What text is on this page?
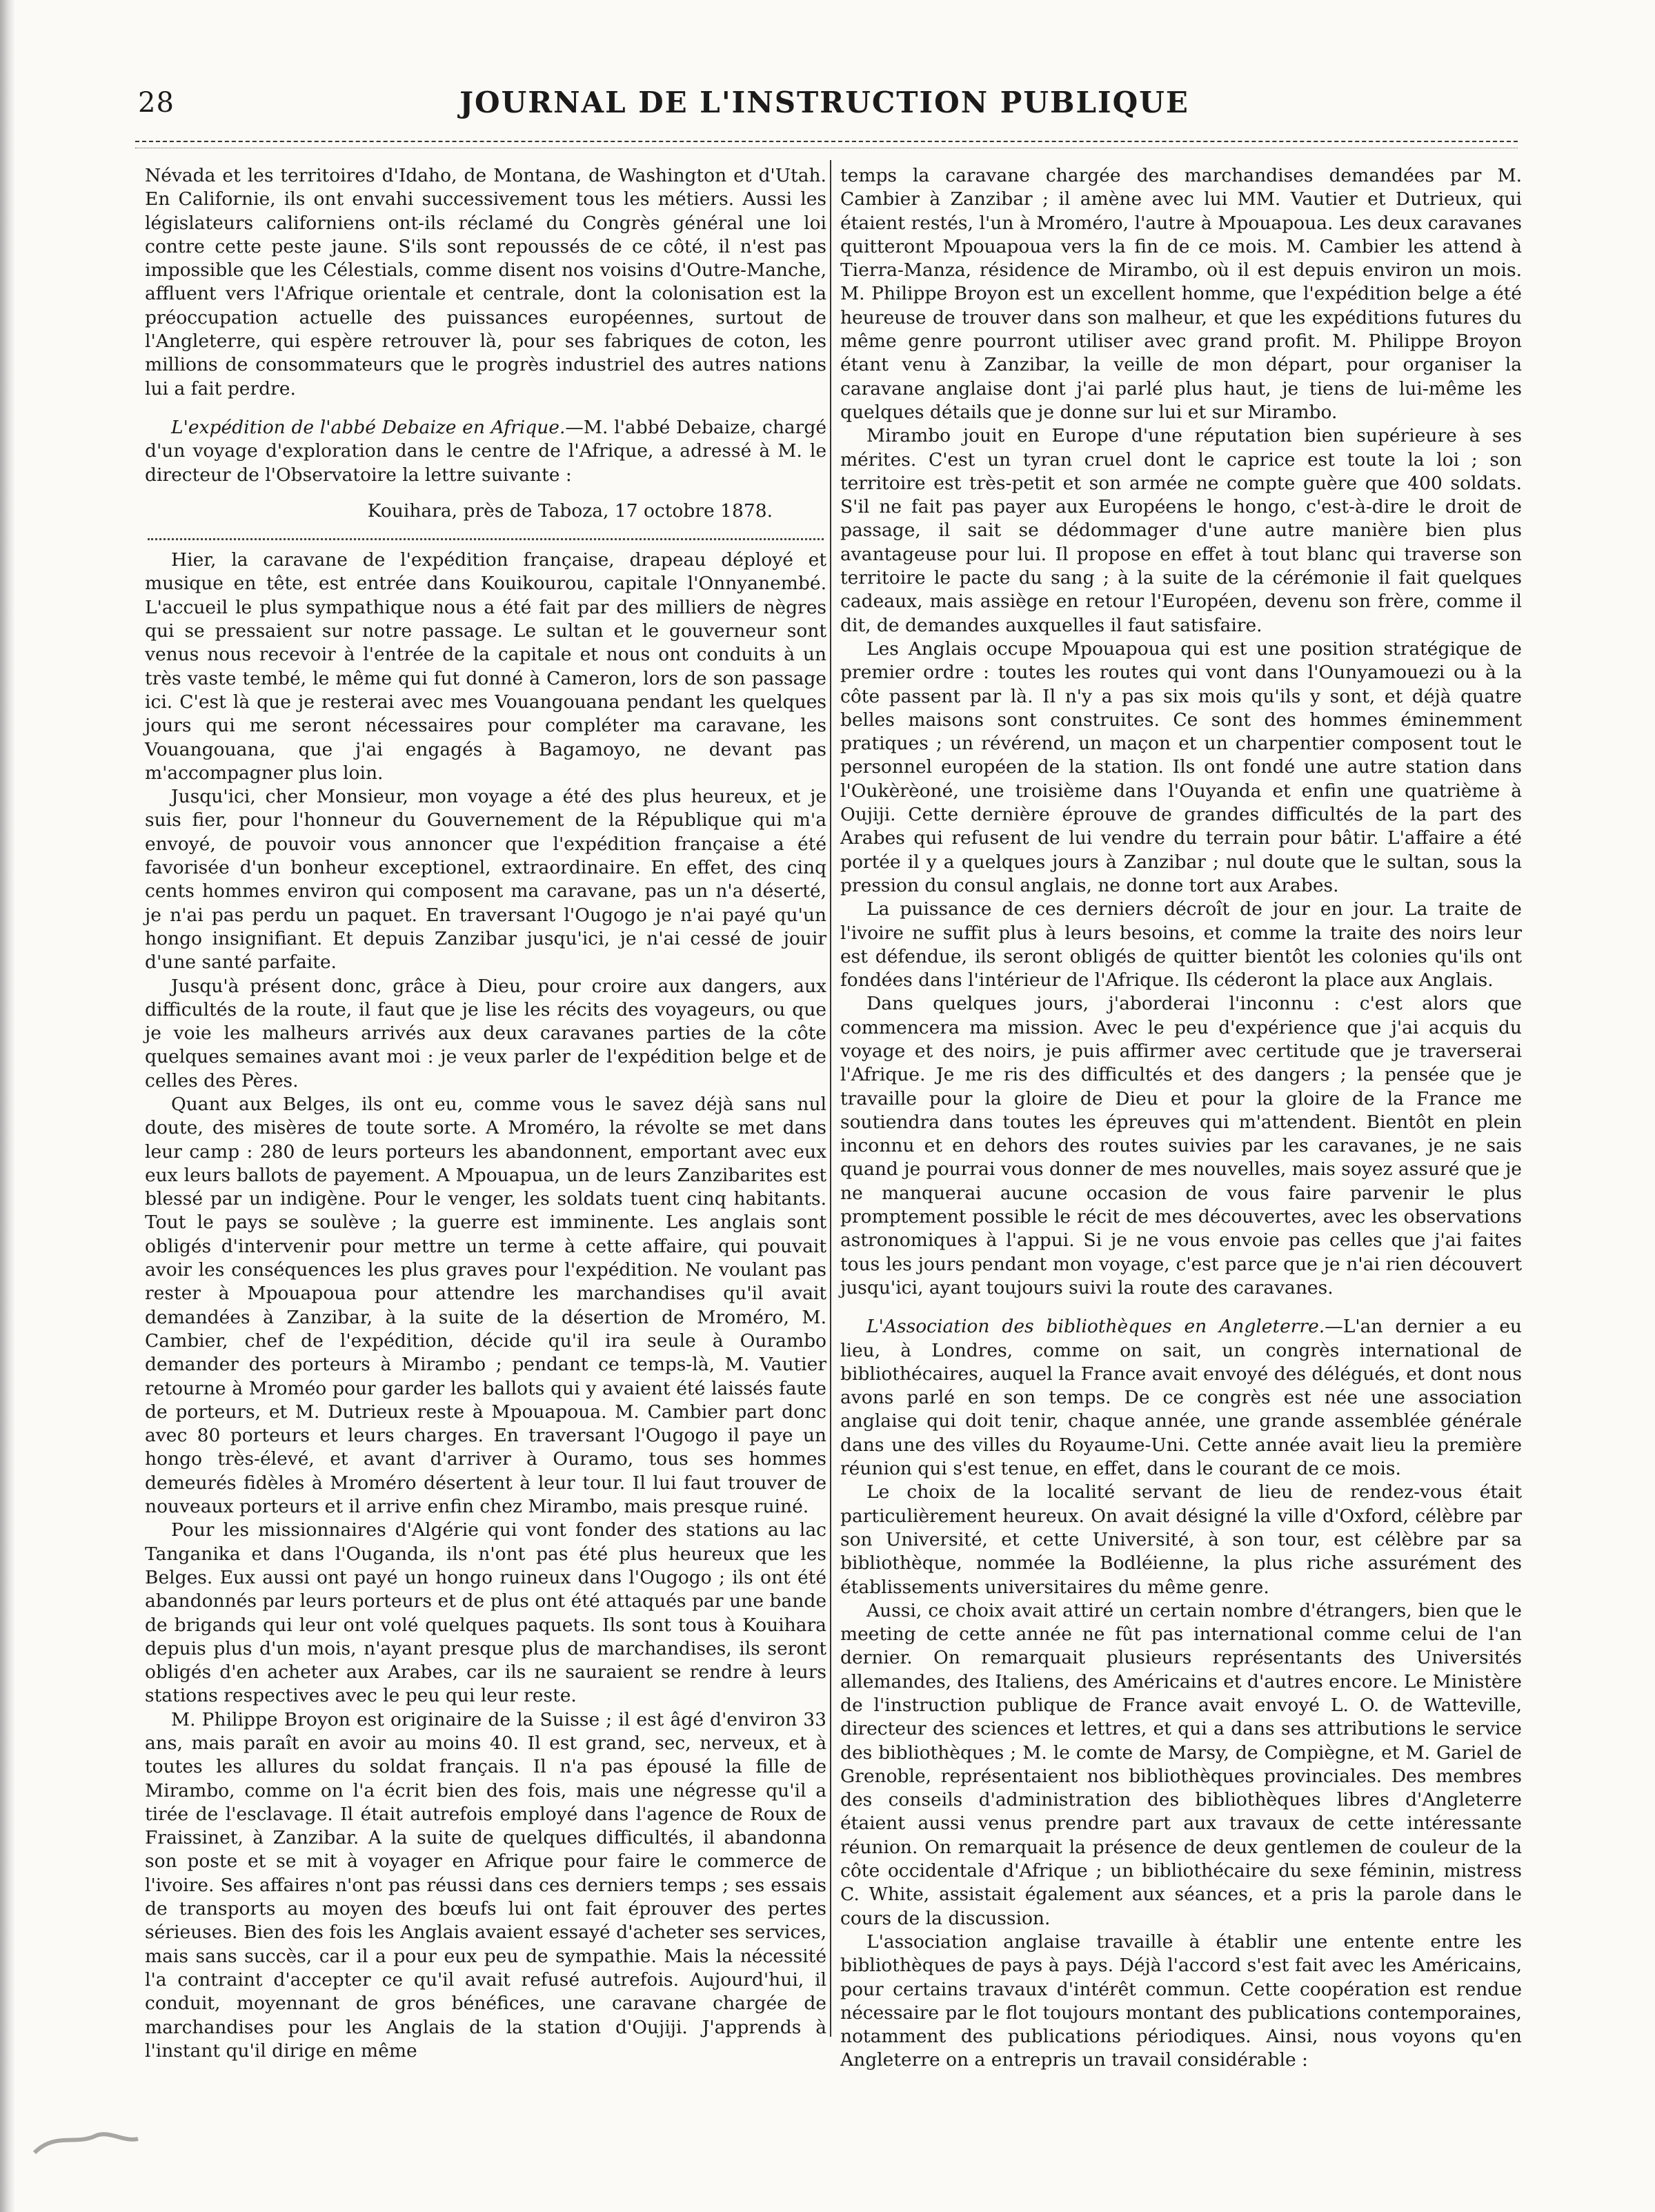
28	JOURNAL DE L'INSTRUCTION PUBLIQUE

Névada et les territoires d'Idaho, de Montana, de Washington et d'Utah. En Californie, ils ont envahi successivement tous les métiers. Aussi les législateurs californiens ont-ils réclamé du Congrès général une loi contre cette peste jaune. S'ils sont repoussés de ce côté, il n'est pas impossible que les Célestials, comme disent nos voisins d'Outre-Manche, affluent vers l'Afrique orientale et centrale, dont la colonisation est la préoccupation actuelle des puissances européennes, surtout de l'Angleterre, qui espère retrouver là, pour ses fabriques de coton, les millions de consommateurs que le progrès industriel des autres nations lui a fait perdre.

L'expédition de l'abbé Debaize en Afrique.—M. l'abbé Debaize, chargé d'un voyage d'exploration dans le centre de l'Afrique, a adressé à M. le directeur de l'Observatoire la lettre suivante :

Kouihara, près de Taboza, 17 octobre 1878.

Hier, la caravane de l'expédition française, drapeau déployé et musique en tête, est entrée dans Kouikourou, capitale l'Onnyanembé. L'accueil le plus sympathique nous a été fait par des milliers de nègres qui se pressaient sur notre passage. Le sultan et le gouverneur sont venus nous recevoir à l'entrée de la capitale et nous ont conduits à un très vaste tembé, le même qui fut donné à Cameron, lors de son passage ici. C'est là que je resterai avec mes Vouangouana pendant les quelques jours qui me seront nécessaires pour compléter ma caravane, les Vouangouana, que j'ai engagés à Bagamoyo, ne devant pas m'accompagner plus loin.

Jusqu'ici, cher Monsieur, mon voyage a été des plus heureux, et je suis fier, pour l'honneur du Gouvernement de la République qui m'a envoyé, de pouvoir vous annoncer que l'expédition française a été favorisée d'un bonheur exceptionel, extraordinaire. En effet, des cinq cents hommes environ qui composent ma caravane, pas un n'a déserté, je n'ai pas perdu un paquet. En traversant l'Ougogo je n'ai payé qu'un hongo insignifiant. Et depuis Zanzibar jusqu'ici, je n'ai cessé de jouir d'une santé parfaite.

Jusqu'à présent donc, grâce à Dieu, pour croire aux dangers, aux difficultés de la route, il faut que je lise les récits des voyageurs, ou que je voie les malheurs arrivés aux deux caravanes parties de la côte quelques semaines avant moi : je veux parler de l'expédition belge et de celles des Pères.

Quant aux Belges, ils ont eu, comme vous le savez déjà sans nul doute, des misères de toute sorte. A Mroméro, la révolte se met dans leur camp : 280 de leurs porteurs les abandonnent, emportant avec eux eux leurs ballots de payement. A Mpouapua, un de leurs Zanzibarites est blessé par un indigène. Pour le venger, les soldats tuent cinq habitants. Tout le pays se soulève ; la guerre est imminente. Les anglais sont obligés d'intervenir pour mettre un terme à cette affaire, qui pouvait avoir les conséquences les plus graves pour l'expédition. Ne voulant pas rester à Mpouapoua pour attendre les marchandises qu'il avait demandées à Zanzibar, à la suite de la désertion de Mroméro, M. Cambier, chef de l'expédition, décide qu'il ira seule à Ourambo demander des porteurs à Mirambo ; pendant ce temps-là, M. Vautier retourne à Mroméo pour garder les ballots qui y avaient été laissés faute de porteurs, et M. Dutrieux reste à Mpouapoua. M. Cambier part donc avec 80 porteurs et leurs charges. En traversant l'Ougogo il paye un hongo très-élevé, et avant d'arriver à Ouramo, tous ses hommes demeurés fidèles à Mroméro désertent à leur tour. Il lui faut trouver de nouveaux porteurs et il arrive enfin chez Mirambo, mais presque ruiné.

Pour les missionnaires d'Algérie qui vont fonder des stations au lac Tanganika et dans l'Ouganda, ils n'ont pas été plus heureux que les Belges. Eux aussi ont payé un hongo ruineux dans l'Ougogo ; ils ont été abandonnés par leurs porteurs et de plus ont été attaqués par une bande de brigands qui leur ont volé quelques paquets. Ils sont tous à Kouihara depuis plus d'un mois, n'ayant presque plus de marchandises, ils seront obligés d'en acheter aux Arabes, car ils ne sauraient se rendre à leurs stations respectives avec le peu qui leur reste.

M. Philippe Broyon est originaire de la Suisse ; il est âgé d'environ 33 ans, mais paraît en avoir au moins 40. Il est grand, sec, nerveux, et à toutes les allures du soldat français. Il n'a pas épousé la fille de Mirambo, comme on l'a écrit bien des fois, mais une négresse qu'il a tirée de l'esclavage. Il était autrefois employé dans l'agence de Roux de Fraissinet, à Zanzibar. A la suite de quelques difficultés, il abandonna son poste et se mit à voyager en Afrique pour faire le commerce de l'ivoire. Ses affaires n'ont pas réussi dans ces derniers temps ; ses essais de transports au moyen des bœufs lui ont fait éprouver des pertes sérieuses. Bien des fois les Anglais avaient essayé d'acheter ses services, mais sans succès, car il a pour eux peu de sympathie. Mais la nécessité l'a contraint d'accepter ce qu'il avait refusé autrefois. Aujourd'hui, il conduit, moyennant de gros bénéfices, une caravane chargée de marchandises pour les Anglais de la station d'Oujiji. J'apprends à l'instant qu'il dirige en même

temps la caravane chargée des marchandises demandées par M. Cambier à Zanzibar ; il amène avec lui MM. Vautier et Dutrieux, qui étaient restés, l'un à Mroméro, l'autre à Mpouapoua. Les deux caravanes quitteront Mpouapoua vers la fin de ce mois. M. Cambier les attend à Tierra-Manza, résidence de Mirambo, où il est depuis environ un mois. M. Philippe Broyon est un excellent homme, que l'expédition belge a été heureuse de trouver dans son malheur, et que les expéditions futures du même genre pourront utiliser avec grand profit. M. Philippe Broyon étant venu à Zanzibar, la veille de mon départ, pour organiser la caravane anglaise dont j'ai parlé plus haut, je tiens de lui-même les quelques détails que je donne sur lui et sur Mirambo.

Mirambo jouit en Europe d'une réputation bien supérieure à ses mérites. C'est un tyran cruel dont le caprice est toute la loi ; son territoire est très-petit et son armée ne compte guère que 400 soldats. S'il ne fait pas payer aux Européens le hongo, c'est-à-dire le droit de passage, il sait se dédommager d'une autre manière bien plus avantageuse pour lui. Il propose en effet à tout blanc qui traverse son territoire le pacte du sang ; à la suite de la cérémonie il fait quelques cadeaux, mais assiège en retour l'Européen, devenu son frère, comme il dit, de demandes auxquelles il faut satisfaire.

Les Anglais occupe Mpouapoua qui est une position stratégique de premier ordre : toutes les routes qui vont dans l'Ounyamouezi ou à la côte passent par là. Il n'y a pas six mois qu'ils y sont, et déjà quatre belles maisons sont construites. Ce sont des hommes éminemment pratiques ; un révérend, un maçon et un charpentier composent tout le personnel européen de la station. Ils ont fondé une autre station dans l'Oukèrèoné, une troisième dans l'Ouyanda et enfin une quatrième à Oujiji. Cette dernière éprouve de grandes difficultés de la part des Arabes qui refusent de lui vendre du terrain pour bâtir. L'affaire a été portée il y a quelques jours à Zanzibar ; nul doute que le sultan, sous la pression du consul anglais, ne donne tort aux Arabes.

La puissance de ces derniers décroît de jour en jour. La traite de l'ivoire ne suffit plus à leurs besoins, et comme la traite des noirs leur est défendue, ils seront obligés de quitter bientôt les colonies qu'ils ont fondées dans l'intérieur de l'Afrique. Ils céderont la place aux Anglais.

Dans quelques jours, j'aborderai l'inconnu : c'est alors que commencera ma mission. Avec le peu d'expérience que j'ai acquis du voyage et des noirs, je puis affirmer avec certitude que je traverserai l'Afrique. Je me ris des difficultés et des dangers ; la pensée que je travaille pour la gloire de Dieu et pour la gloire de la France me soutiendra dans toutes les épreuves qui m'attendent. Bientôt en plein inconnu et en dehors des routes suivies par les caravanes, je ne sais quand je pourrai vous donner de mes nouvelles, mais soyez assuré que je ne manquerai aucune occasion de vous faire parvenir le plus promptement possible le récit de mes découvertes, avec les observations astronomiques à l'appui. Si je ne vous envoie pas celles que j'ai faites tous les jours pendant mon voyage, c'est parce que je n'ai rien découvert jusqu'ici, ayant toujours suivi la route des caravanes.

L'Association des bibliothèques en Angleterre.—L'an dernier a eu lieu, à Londres, comme on sait, un congrès international de bibliothécaires, auquel la France avait envoyé des délégués, et dont nous avons parlé en son temps. De ce congrès est née une association anglaise qui doit tenir, chaque année, une grande assemblée générale dans une des villes du Royaume-Uni. Cette année avait lieu la première réunion qui s'est tenue, en effet, dans le courant de ce mois.

Le choix de la localité servant de lieu de rendez-vous était particulièrement heureux. On avait désigné la ville d'Oxford, célèbre par son Université, et cette Université, à son tour, est célèbre par sa bibliothèque, nommée la Bodléienne, la plus riche assurément des établissements universitaires du même genre.

Aussi, ce choix avait attiré un certain nombre d'étrangers, bien que le meeting de cette année ne fût pas international comme celui de l'an dernier. On remarquait plusieurs représentants des Universités allemandes, des Italiens, des Américains et d'autres encore. Le Ministère de l'instruction publique de France avait envoyé L. O. de Watteville, directeur des sciences et lettres, et qui a dans ses attributions le service des bibliothèques ; M. le comte de Marsy, de Compiègne, et M. Gariel de Grenoble, représentaient nos bibliothèques provinciales. Des membres des conseils d'administration des bibliothèques libres d'Angleterre étaient aussi venus prendre part aux travaux de cette intéressante réunion. On remarquait la présence de deux gentlemen de couleur de la côte occidentale d'Afrique ; un bibliothécaire du sexe féminin, mistress C. White, assistait également aux séances, et a pris la parole dans le cours de la discussion.

L'association anglaise travaille à établir une entente entre les bibliothèques de pays à pays. Déjà l'accord s'est fait avec les Américains, pour certains travaux d'intérêt commun. Cette coopération est rendue nécessaire par le flot toujours montant des publications contemporaines, notamment des publications périodiques. Ainsi, nous voyons qu'en Angleterre on a entrepris un travail considérable :
